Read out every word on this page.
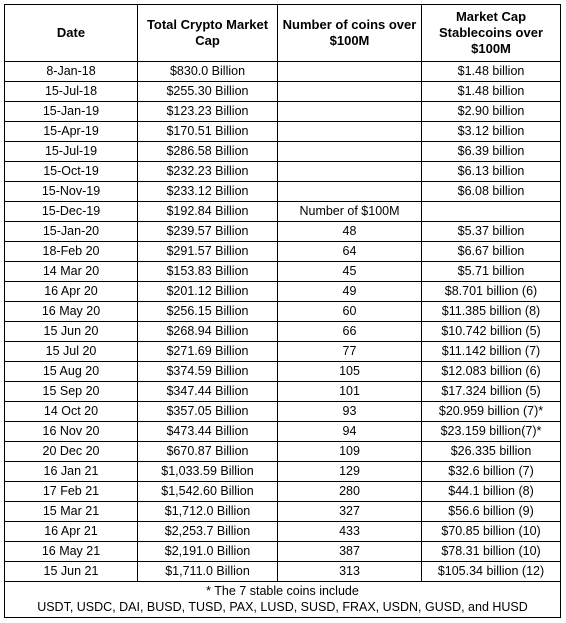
Date	Total Crypto Market Cap	Number of coins over $100M	Market Cap Stablecoins over $100M
8-Jan-18	$830.0 Billion		$1.48 billion
15-Jul-18	$255.30 Billion		$1.48 billion
15-Jan-19	$123.23 Billion		$2.90 billion
15-Apr-19	$170.51 Billion		$3.12 billion
15-Jul-19	$286.58 Billion		$6.39 billion
15-Oct-19	$232.23 Billion		$6.13 billion
15-Nov-19	$233.12 Billion		$6.08 billion
15-Dec-19	$192.84 Billion	Number of $100M	
15-Jan-20	$239.57 Billion	48	$5.37 billion
18-Feb 20	$291.57 Billion	64	$6.67 billion
14 Mar 20	$153.83 Billion	45	$5.71 billion
16 Apr 20	$201.12 Billion	49	$8.701 billion (6)
16 May 20	$256.15 Billion	60	$11.385 billion (8)
15 Jun 20	$268.94 Billion	66	$10.742 billion (5)
15 Jul 20	$271.69 Billion	77	$11.142 billion (7)
15 Aug 20	$374.59 Billion	105	$12.083 billion (6)
15 Sep 20	$347.44 Billion	101	$17.324 billion (5)
14 Oct 20	$357.05 Billion	93	$20.959 billion (7)*
16 Nov 20	$473.44 Billion	94	$23.159 billion(7)*
20 Dec 20	$670.87 Billion	109	$26.335 billion
16 Jan 21	$1,033.59 Billion	129	$32.6 billion (7)
17 Feb 21	$1,542.60 Billion	280	$44.1 billion (8)
15 Mar 21	$1,712.0 Billion	327	$56.6 billion (9)
16 Apr 21	$2,253.7 Billion	433	$70.85 billion (10)
16 May 21	$2,191.0 Billion	387	$78.31 billion (10)
15 Jun 21	$1,711.0 Billion	313	$105.34 billion (12)

* The 7 stable coins include
USDT, USDC, DAI, BUSD, TUSD, PAX, LUSD, SUSD, FRAX, USDN, GUSD, and HUSD			
